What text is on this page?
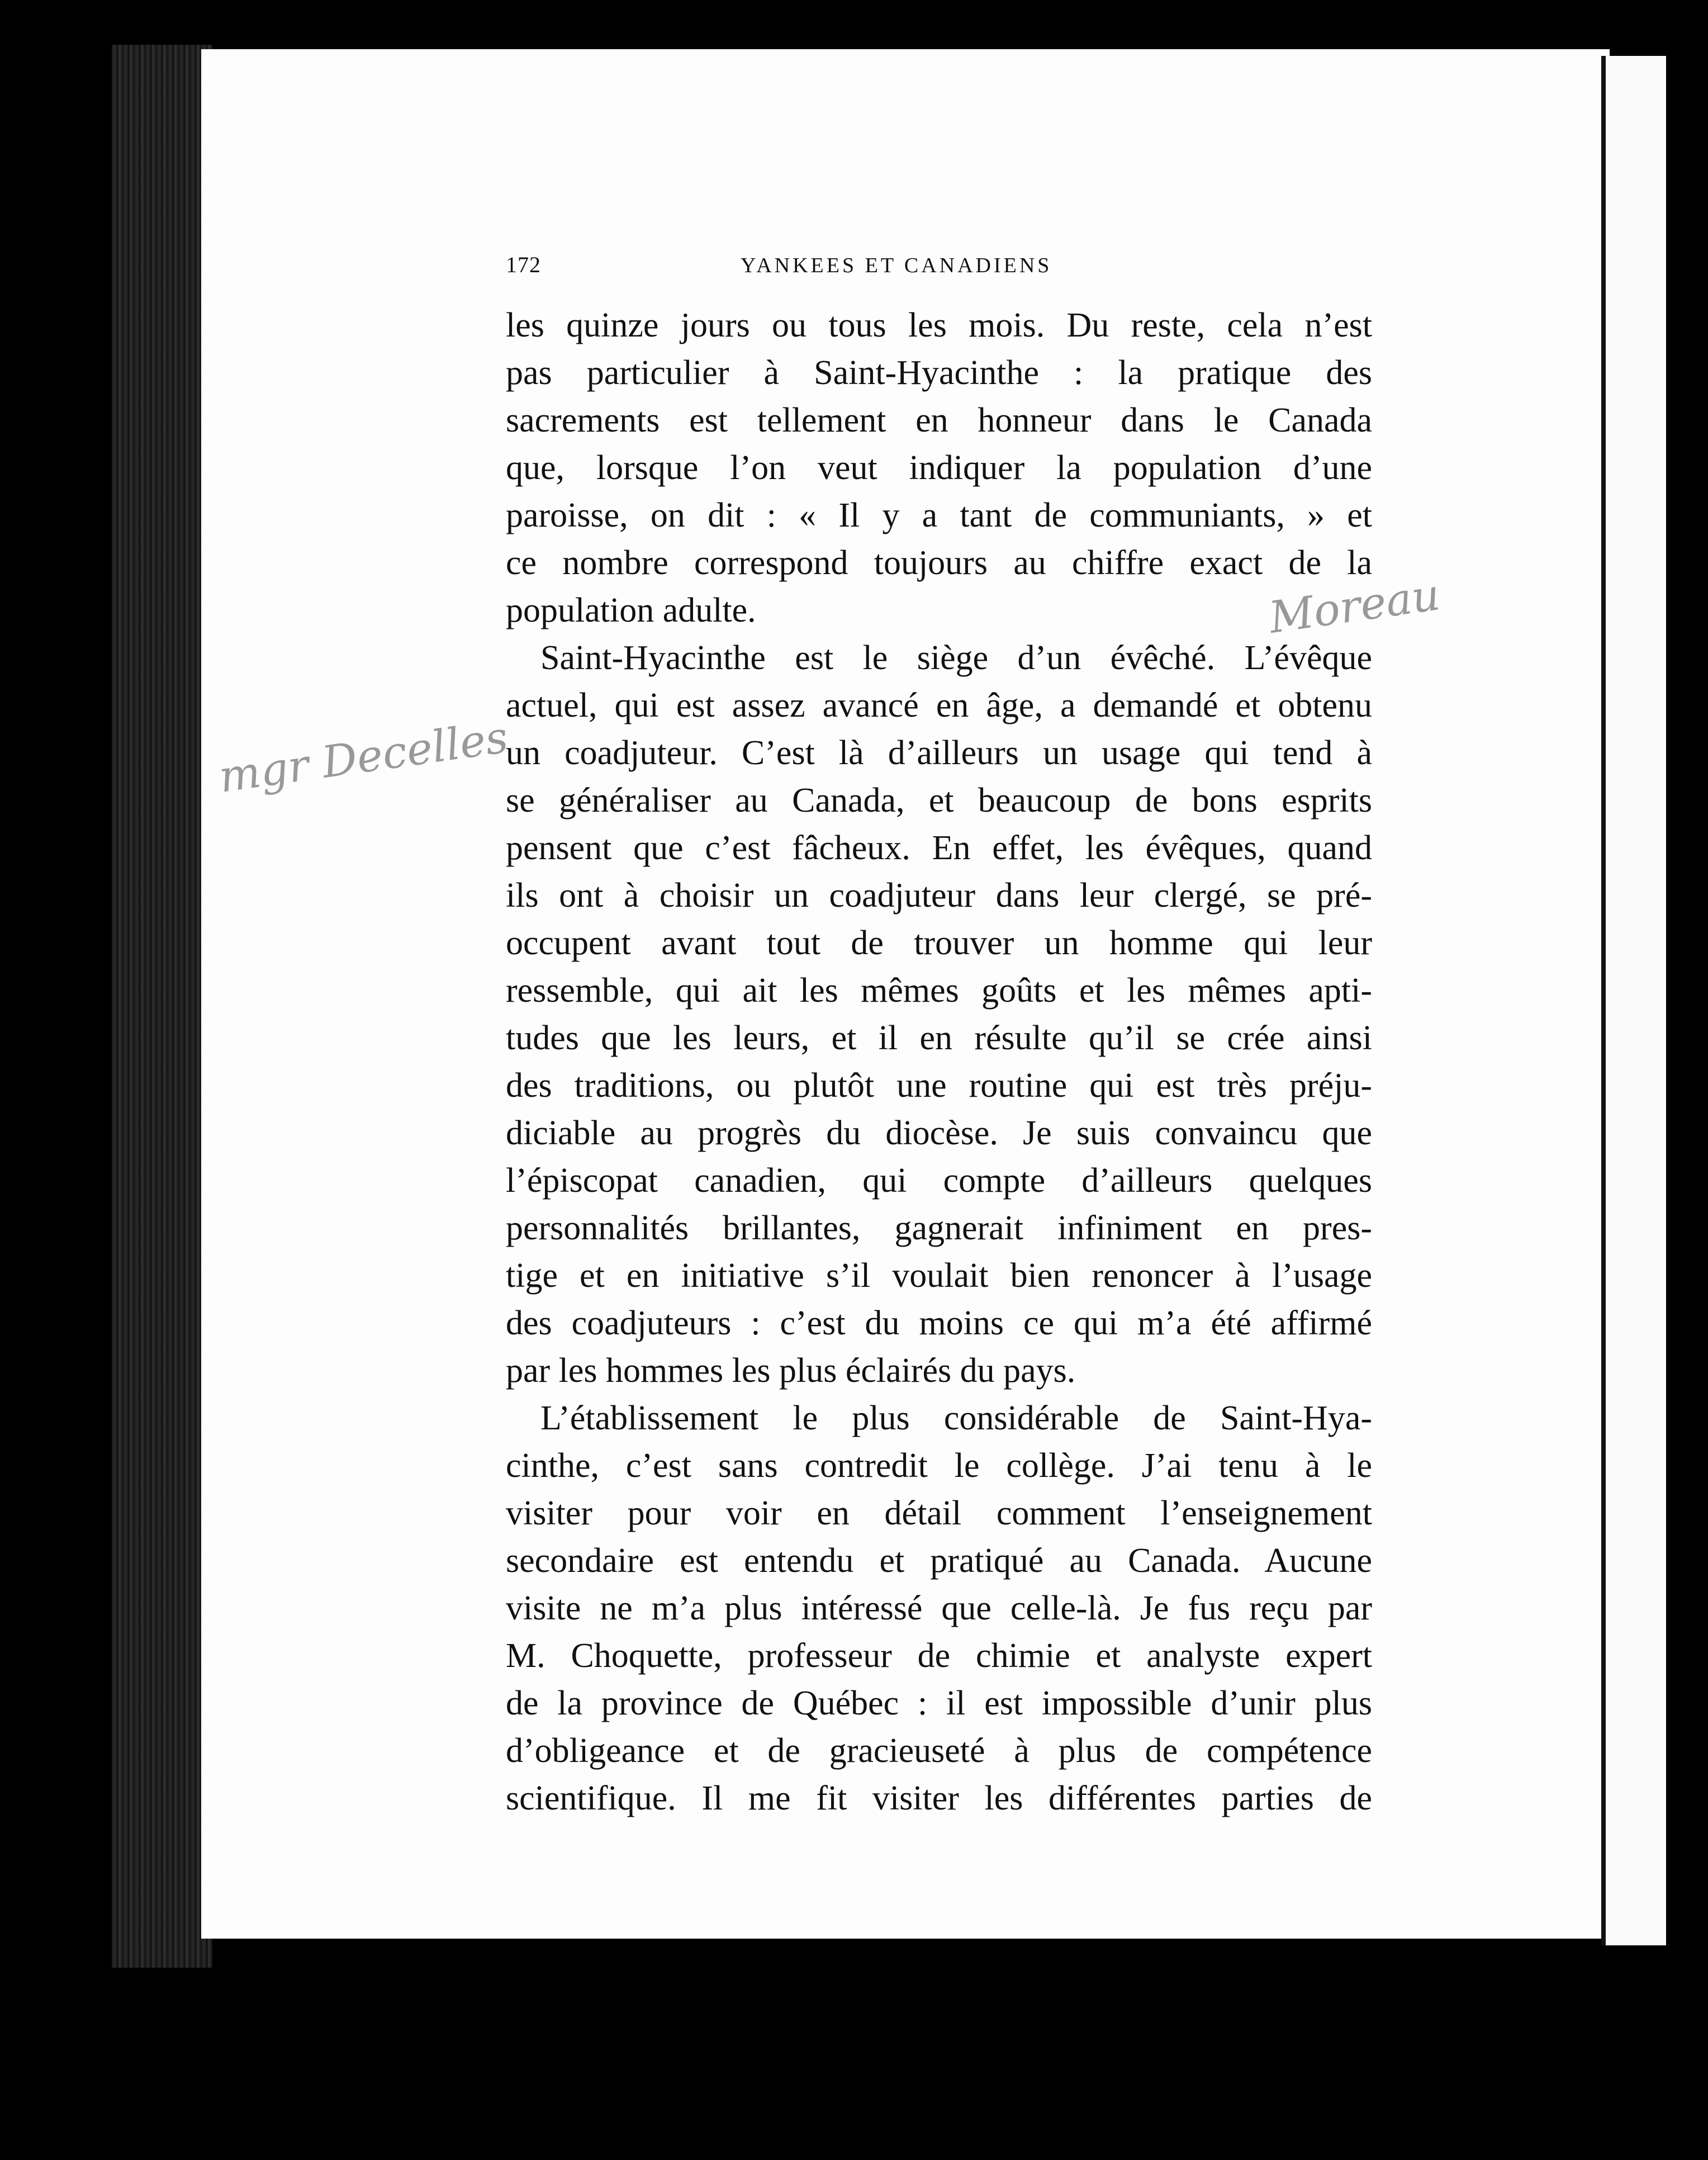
Moreau
mgr Decelles
172	YANKEES ET CANADIENS

les quinze jours ou tous les mois. Du reste, cela n’est
pas particulier à Saint-Hyacinthe : la pratique des
sacrements est tellement en honneur dans le Canada
que, lorsque l’on veut indiquer la population d’une
paroisse, on dit : « Il y a tant de communiants, » et
ce nombre correspond toujours au chiffre exact de la
population adulte.

Saint-Hyacinthe est le siège d’un évêché. L’évêque
actuel, qui est assez avancé en âge, a demandé et obtenu
un coadjuteur. C’est là d’ailleurs un usage qui tend à
se généraliser au Canada, et beaucoup de bons esprits
pensent que c’est fâcheux. En effet, les évêques, quand
ils ont à choisir un coadjuteur dans leur clergé, se pré-
occupent avant tout de trouver un homme qui leur
ressemble, qui ait les mêmes goûts et les mêmes apti-
tudes que les leurs, et il en résulte qu’il se crée ainsi
des traditions, ou plutôt une routine qui est très préju-
diciable au progrès du diocèse. Je suis convaincu que
l’épiscopat canadien, qui compte d’ailleurs quelques
personnalités brillantes, gagnerait infiniment en pres-
tige et en initiative s’il voulait bien renoncer à l’usage
des coadjuteurs : c’est du moins ce qui m’a été affirmé
par les hommes les plus éclairés du pays.

L’établissement le plus considérable de Saint-Hya-
cinthe, c’est sans contredit le collège. J’ai tenu à le
visiter pour voir en détail comment l’enseignement
secondaire est entendu et pratiqué au Canada. Aucune
visite ne m’a plus intéressé que celle-là. Je fus reçu par
M. Choquette, professeur de chimie et analyste expert
de la province de Québec : il est impossible d’unir plus
d’obligeance et de gracieuseté à plus de compétence
scientifique. Il me fit visiter les différentes parties de
